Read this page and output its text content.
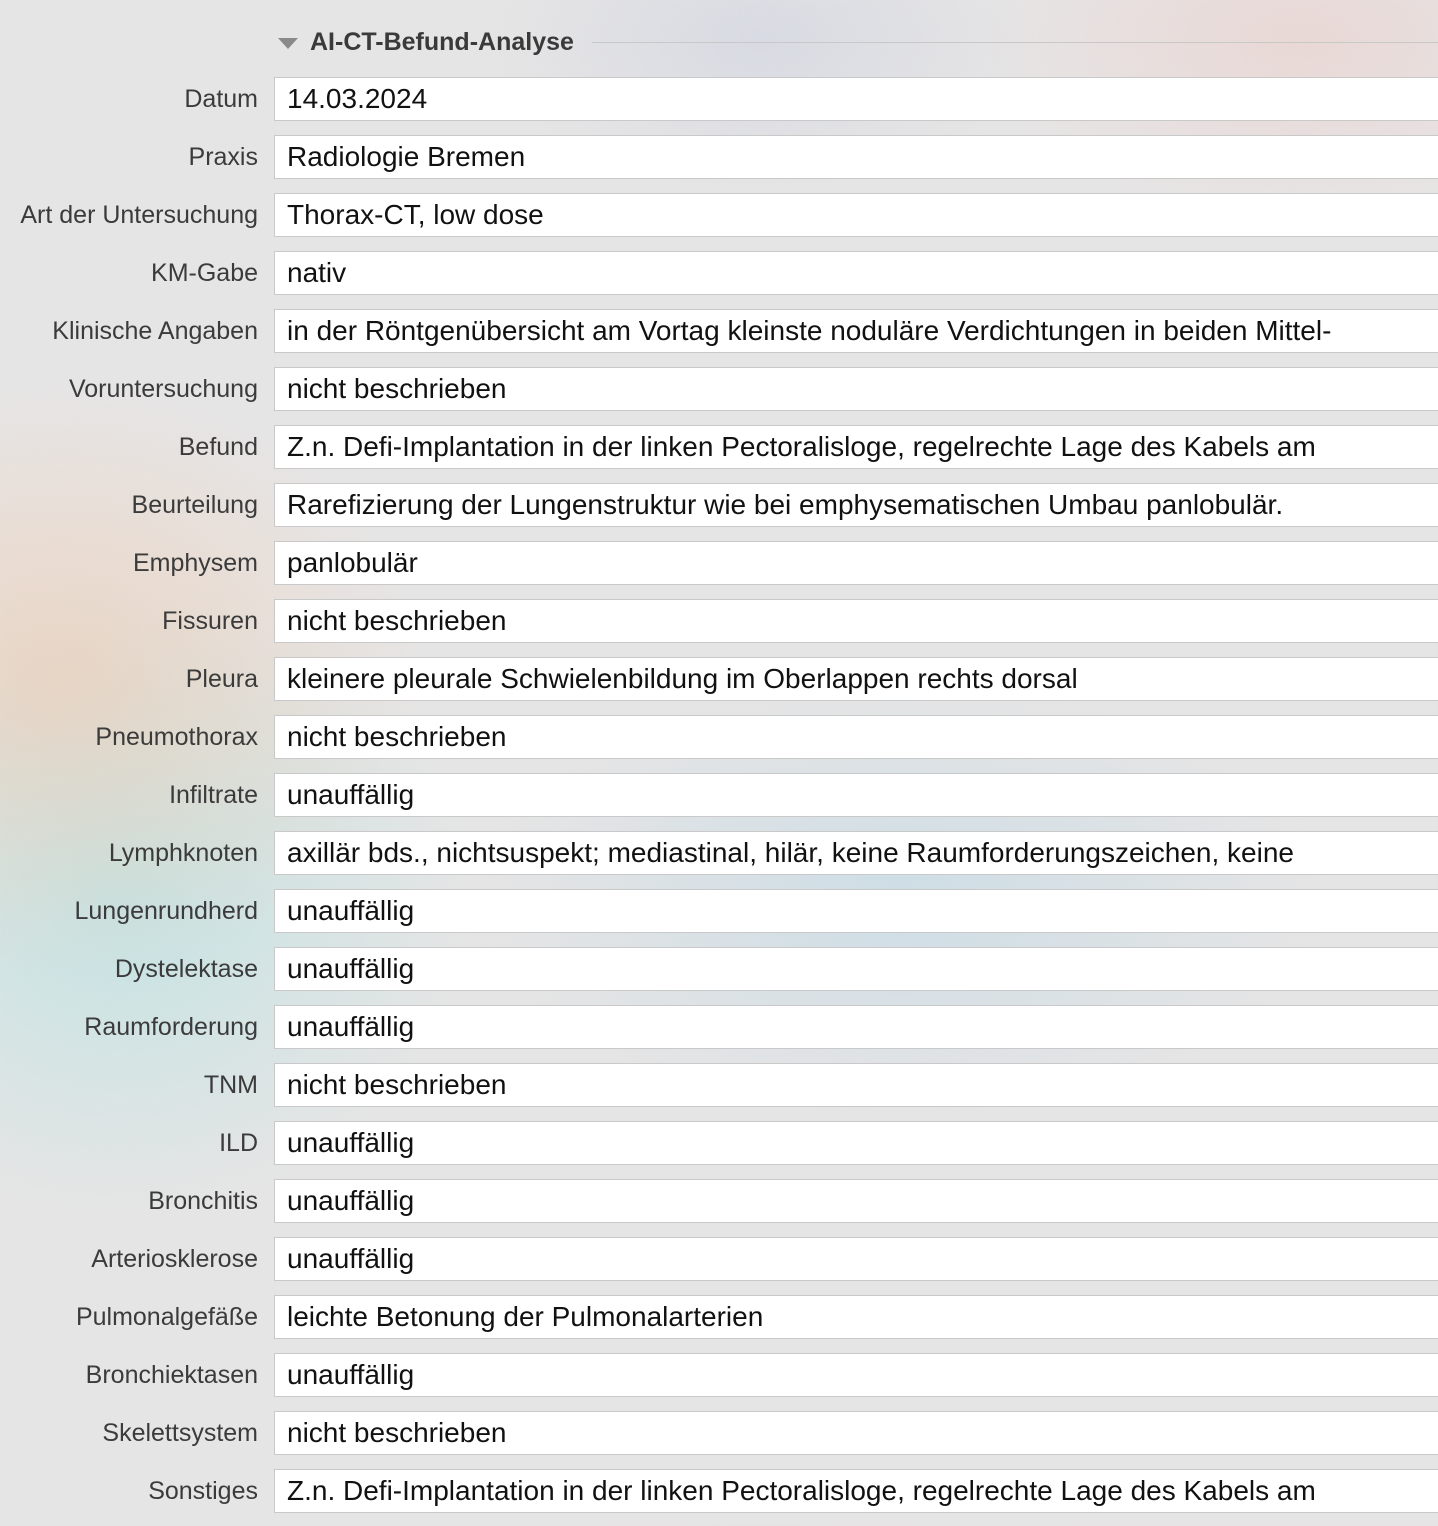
AI-CT-Befund-Analyse
Datum 14.03.2024
Praxis Radiologie Bremen
Art der Untersuchung Thorax-CT, low dose
KM-Gabe nativ
Klinische Angaben in der Röntgenübersicht am Vortag kleinste noduläre Verdichtungen in beiden Mittel-
Voruntersuchung nicht beschrieben
Befund Z.n. Defi-Implantation in der linken Pectoralisloge, regelrechte Lage des Kabels am
Beurteilung Rarefizierung der Lungenstruktur wie bei emphysematischen Umbau panlobulär.
Emphysem panlobulär
Fissuren nicht beschrieben
Pleura kleinere pleurale Schwielenbildung im Oberlappen rechts dorsal
Pneumothorax nicht beschrieben
Infiltrate unauffällig
Lymphknoten axillär bds., nichtsuspekt; mediastinal, hilär, keine Raumforderungszeichen, keine
Lungenrundherd unauffällig
Dystelektase unauffällig
Raumforderung unauffällig
TNM nicht beschrieben
ILD unauffällig
Bronchitis unauffällig
Arteriosklerose unauffällig
Pulmonalgefäße leichte Betonung der Pulmonalarterien
Bronchiektasen unauffällig
Skelettsystem nicht beschrieben
Sonstiges Z.n. Defi-Implantation in der linken Pectoralisloge, regelrechte Lage des Kabels am
